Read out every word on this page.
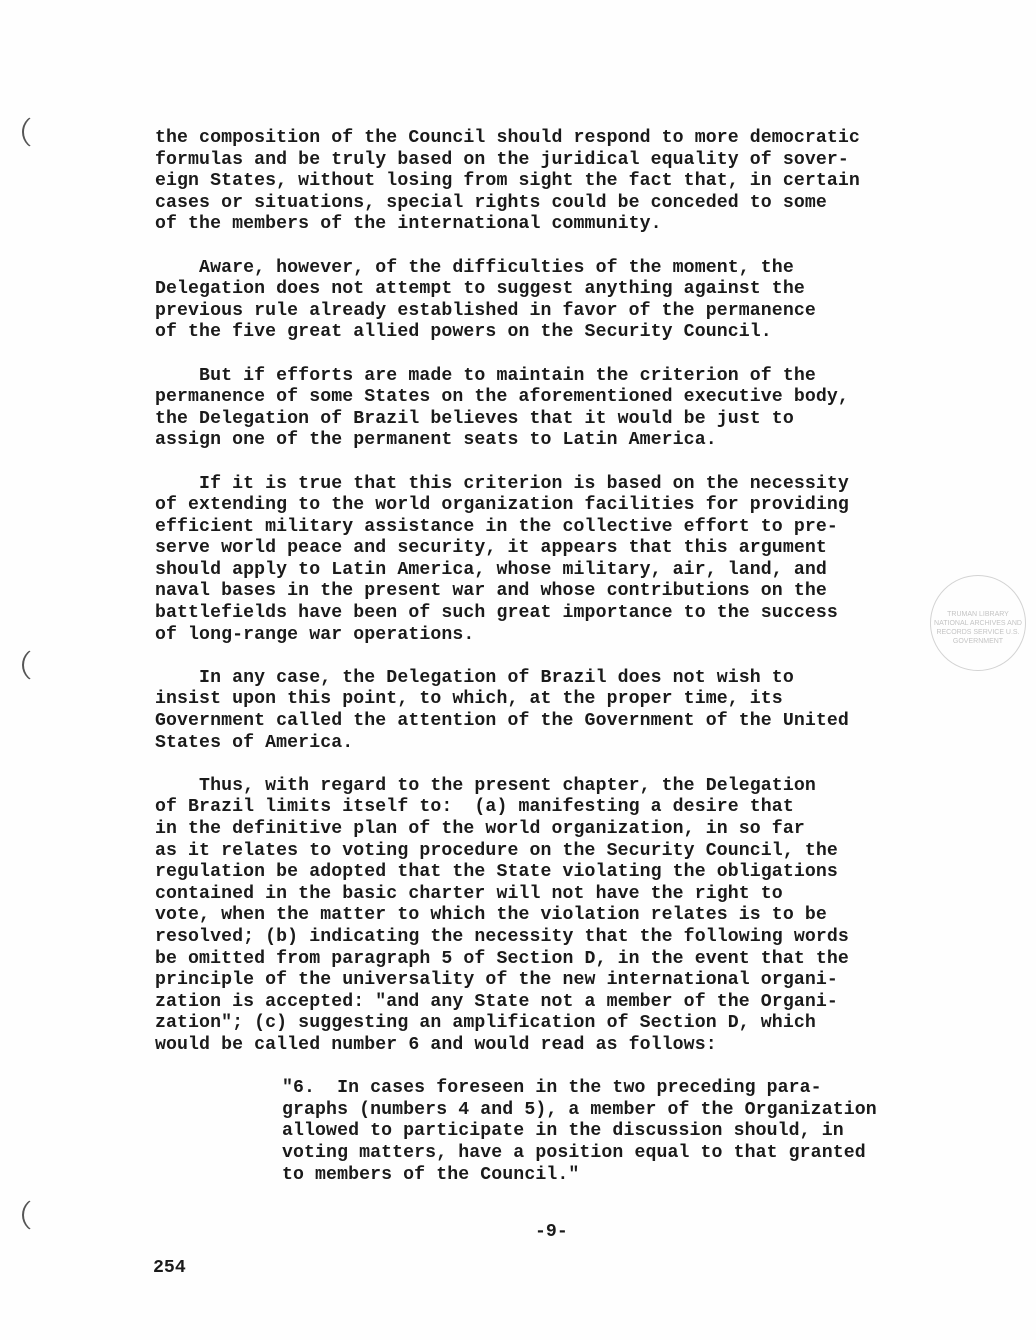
TRUMAN LIBRARY NATIONAL ARCHIVES AND RECORDS SERVICE U.S. GOVERNMENT

the composition of the Council should respond to more democratic
formulas and be truly based on the juridical equality of sover-
eign States, without losing from sight the fact that, in certain
cases or situations, special rights could be conceded to some
of the members of the international community.

Aware, however, of the difficulties of the moment, the
Delegation does not attempt to suggest anything against the
previous rule already established in favor of the permanence
of the five great allied powers on the Security Council.

But if efforts are made to maintain the criterion of the
permanence of some States on the aforementioned executive body,
the Delegation of Brazil believes that it would be just to
assign one of the permanent seats to Latin America.

If it is true that this criterion is based on the necessity
of extending to the world organization facilities for providing
efficient military assistance in the collective effort to pre-
serve world peace and security, it appears that this argument
should apply to Latin America, whose military, air, land, and
naval bases in the present war and whose contributions on the
battlefields have been of such great importance to the success
of long-range war operations.

In any case, the Delegation of Brazil does not wish to
insist upon this point, to which, at the proper time, its
Government called the attention of the Government of the United
States of America.

Thus, with regard to the present chapter, the Delegation
of Brazil limits itself to:  (a) manifesting a desire that
in the definitive plan of the world organization, in so far
as it relates to voting procedure on the Security Council, the
regulation be adopted that the State violating the obligations
contained in the basic charter will not have the right to
vote, when the matter to which the violation relates is to be
resolved; (b) indicating the necessity that the following words
be omitted from paragraph 5 of Section D, in the event that the
principle of the universality of the new international organi-
zation is accepted: "and any State not a member of the Organi-
zation"; (c) suggesting an amplification of Section D, which
would be called number 6 and would read as follows:

"6.  In cases foreseen in the two preceding para-
graphs (numbers 4 and 5), a member of the Organization
allowed to participate in the discussion should, in
voting matters, have a position equal to that granted
to members of the Council."

-9-
254
